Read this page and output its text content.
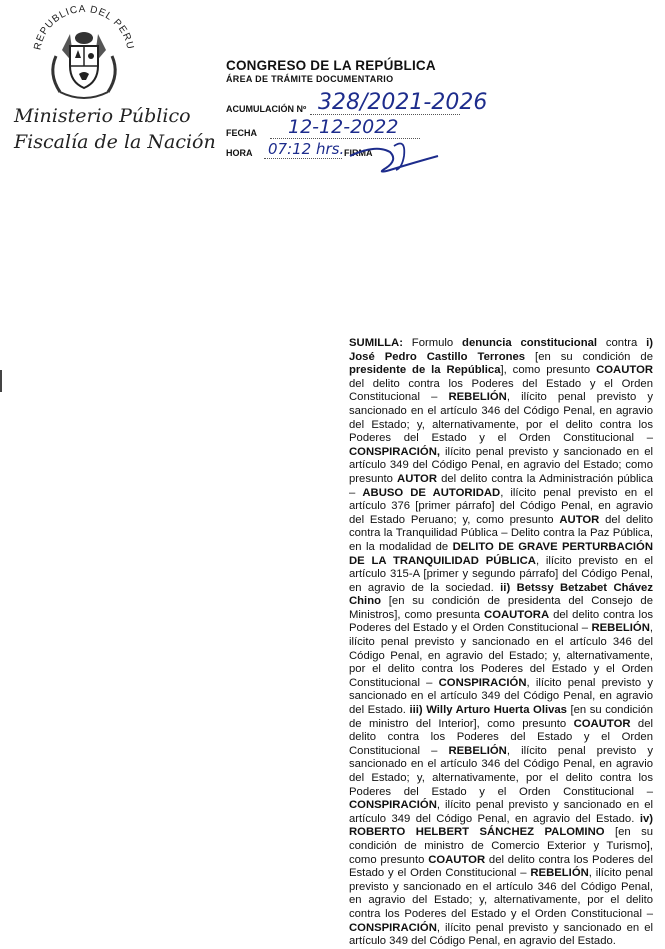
REPUBLICA DEL PERU
Ministerio Público
Fiscalía de la Nación
CONGRESO DE LA REPÚBLICA
ÁREA DE TRÁMITE DOCUMENTARIO
ACUMULACIÓN Nº 328/2021-2026
FECHA 12-12-2022
HORA 07:12 hrs. FIRMA
SUMILLA: Formulo denuncia constitucional contra i) José Pedro Castillo Terrones [en su condición de presidente de la República], como presunto COAUTOR del delito contra los Poderes del Estado y el Orden Constitucional – REBELIÓN, ilícito penal previsto y sancionado en el artículo 346 del Código Penal, en agravio del Estado; y, alternativamente, por el delito contra los Poderes del Estado y el Orden Constitucional – CONSPIRACIÓN, ilícito penal previsto y sancionado en el artículo 349 del Código Penal, en agravio del Estado; como presunto AUTOR del delito contra la Administración pública – ABUSO DE AUTORIDAD, ilícito penal previsto en el artículo 376 [primer párrafo] del Código Penal, en agravio del Estado Peruano; y, como presunto AUTOR del delito contra la Tranquilidad Pública – Delito contra la Paz Pública, en la modalidad de DELITO DE GRAVE PERTURBACIÓN DE LA TRANQUILIDAD PÚBLICA, ilícito previsto en el artículo 315-A [primer y segundo párrafo] del Código Penal, en agravio de la sociedad. ii) Betssy Betzabet Chávez Chino [en su condición de presidenta del Consejo de Ministros], como presunta COAUTORA del delito contra los Poderes del Estado y el Orden Constitucional – REBELIÓN, ilícito penal previsto y sancionado en el artículo 346 del Código Penal, en agravio del Estado; y, alternativamente, por el delito contra los Poderes del Estado y el Orden Constitucional – CONSPIRACIÓN, ilícito penal previsto y sancionado en el artículo 349 del Código Penal, en agravio del Estado. iii) Willy Arturo Huerta Olivas [en su condición de ministro del Interior], como presunto COAUTOR del delito contra los Poderes del Estado y el Orden Constitucional – REBELIÓN, ilícito penal previsto y sancionado en el artículo 346 del Código Penal, en agravio del Estado; y, alternativamente, por el delito contra los Poderes del Estado y el Orden Constitucional – CONSPIRACIÓN, ilícito penal previsto y sancionado en el artículo 349 del Código Penal, en agravio del Estado. iv) ROBERTO HELBERT SÁNCHEZ PALOMINO [en su condición de ministro de Comercio Exterior y Turismo], como presunto COAUTOR del delito contra los Poderes del Estado y el Orden Constitucional – REBELIÓN, ilícito penal previsto y sancionado en el artículo 346 del Código Penal, en agravio del Estado; y, alternativamente, por el delito contra los Poderes del Estado y el Orden Constitucional – CONSPIRACIÓN, ilícito penal previsto y sancionado en el artículo 349 del Código Penal, en agravio del Estado.
